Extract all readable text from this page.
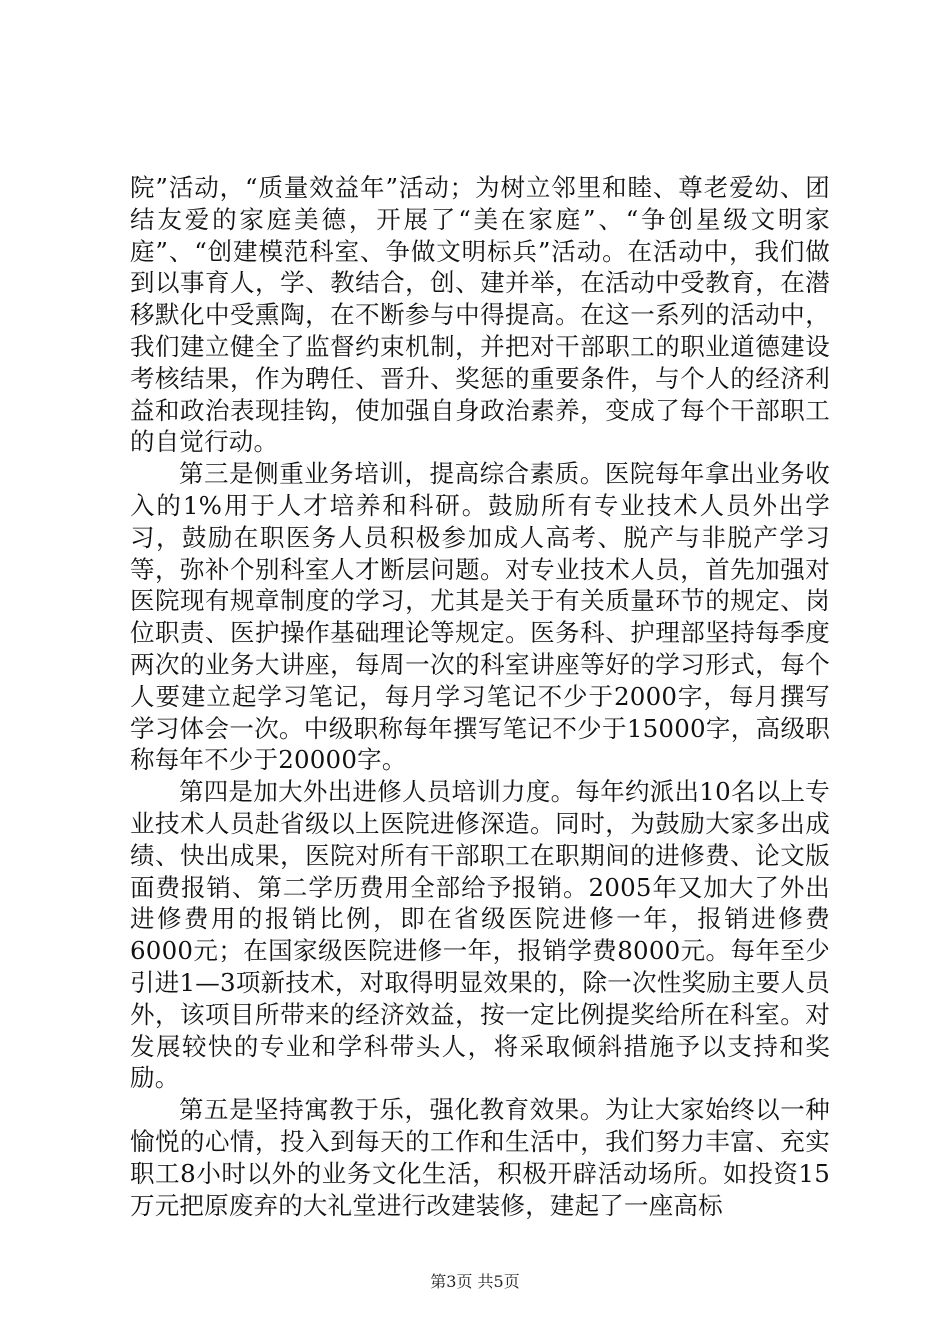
院”活动，“质量效益年”活动；为树立邻里和睦、尊老爱幼、团结友爱的家庭美德，开展了“美在家庭”、“争创星级文明家庭”、“创建模范科室、争做文明标兵”活动。在活动中，我们做到以事育人，学、教结合，创、建并举，在活动中受教育，在潜移默化中受熏陶，在不断参与中得提高。在这一系列的活动中，我们建立健全了监督约束机制，并把对干部职工的职业道德建设考核结果，作为聘任、晋升、奖惩的重要条件，与个人的经济利益和政治表现挂钩，使加强自身政治素养，变成了每个干部职工的自觉行动。

第三是侧重业务培训，提高综合素质。医院每年拿出业务收入的1%用于人才培养和科研。鼓励所有专业技术人员外出学习，鼓励在职医务人员积极参加成人高考、脱产与非脱产学习等，弥补个别科室人才断层问题。对专业技术人员，首先加强对医院现有规章制度的学习，尤其是关于有关质量环节的规定、岗位职责、医护操作基础理论等规定。医务科、护理部坚持每季度两次的业务大讲座，每周一次的科室讲座等好的学习形式，每个人要建立起学习笔记，每月学习笔记不少于2000字，每月撰写学习体会一次。中级职称每年撰写笔记不少于15000字，高级职称每年不少于20000字。

第四是加大外出进修人员培训力度。每年约派出10名以上专业技术人员赴省级以上医院进修深造。同时，为鼓励大家多出成绩、快出成果，医院对所有干部职工在职期间的进修费、论文版面费报销、第二学历费用全部给予报销。2005年又加大了外出进修费用的报销比例，即在省级医院进修一年，报销进修费6000元；在国家级医院进修一年，报销学费8000元。每年至少引进1—3项新技术，对取得明显效果的，除一次性奖励主要人员外，该项目所带来的经济效益，按一定比例提奖给所在科室。对发展较快的专业和学科带头人，将采取倾斜措施予以支持和奖励。

第五是坚持寓教于乐，强化教育效果。为让大家始终以一种愉悦的心情，投入到每天的工作和生活中，我们努力丰富、充实职工8小时以外的业务文化生活，积极开辟活动场所。如投资15万元把原废弃的大礼堂进行改建装修，建起了一座高标

第3页 共5页
